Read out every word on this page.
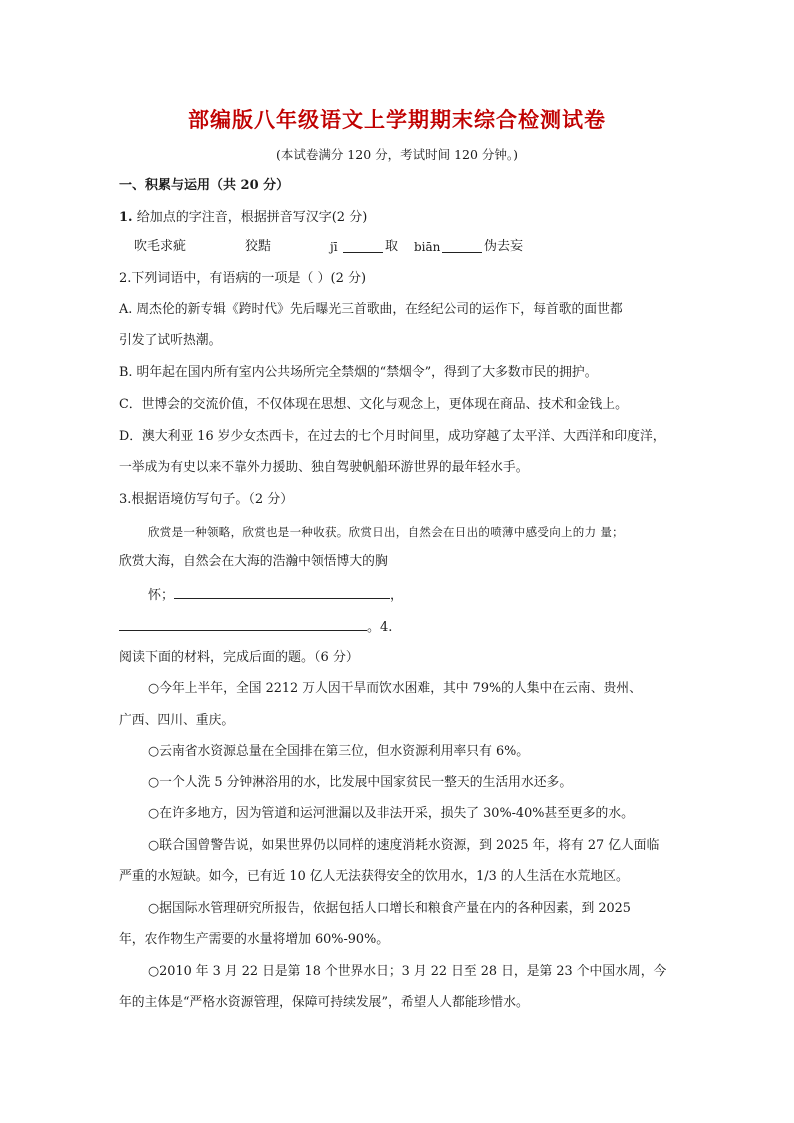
部编版八年级语文上学期期末综合检测试卷
(本试卷满分 120 分，考试时间 120 分钟。)
一、积累与运用（共 20 分）
1. 给加点的字注音，根据拼音写汉字(2 分)
吹毛求疵	狡黠	jī	取 biān	伪去妄
2.下列词语中，有语病的一项是（ ）(2 分)
A. 周杰伦的新专辑《跨时代》先后曝光三首歌曲，在经纪公司的运作下，每首歌的面世都
引发了试听热潮。
B. 明年起在国内所有室内公共场所完全禁烟的“禁烟令”，得到了大多数市民的拥护。
C．世博会的交流价值，不仅体现在思想、文化与观念上，更体现在商品、技术和金钱上。
D．澳大利亚 16 岁少女杰西卡，在过去的七个月时间里，成功穿越了太平洋、大西洋和印度洋，
一举成为有史以来不靠外力援助、独自驾驶帆船环游世界的最年轻水手。
3.根据语境仿写句子。（2 分）
欣赏是一种领略，欣赏也是一种收获。欣赏日出，自然会在日出的喷薄中感受向上的力 量；
欣赏大海，自然会在大海的浩瀚中领悟博大的胸
怀；	，
。4.
阅读下面的材料，完成后面的题。（6 分）
○今年上半年，全国 2212 万人因干旱而饮水困难，其中 79%的人集中在云南、贵州、
广西、四川、重庆。
○云南省水资源总量在全国排在第三位，但水资源利用率只有 6%。
○一个人洗 5 分钟淋浴用的水，比发展中国家贫民一整天的生活用水还多。
○在许多地方，因为管道和运河泄漏以及非法开采，损失了 30%-40%甚至更多的水。
○联合国曾警告说，如果世界仍以同样的速度消耗水资源，到 2025 年，将有 27 亿人面临
严重的水短缺。如今，已有近 10 亿人无法获得安全的饮用水，1/3 的人生活在水荒地区。
○据国际水管理研究所报告，依据包括人口增长和粮食产量在内的各种因素，到 2025
年，农作物生产需要的水量将增加 60%-90%。
○2010 年 3 月 22 日是第 18 个世界水日；3 月 22 日至 28 日，是第 23 个中国水周，今
年的主体是“严格水资源管理，保障可持续发展”，希望人人都能珍惜水。
